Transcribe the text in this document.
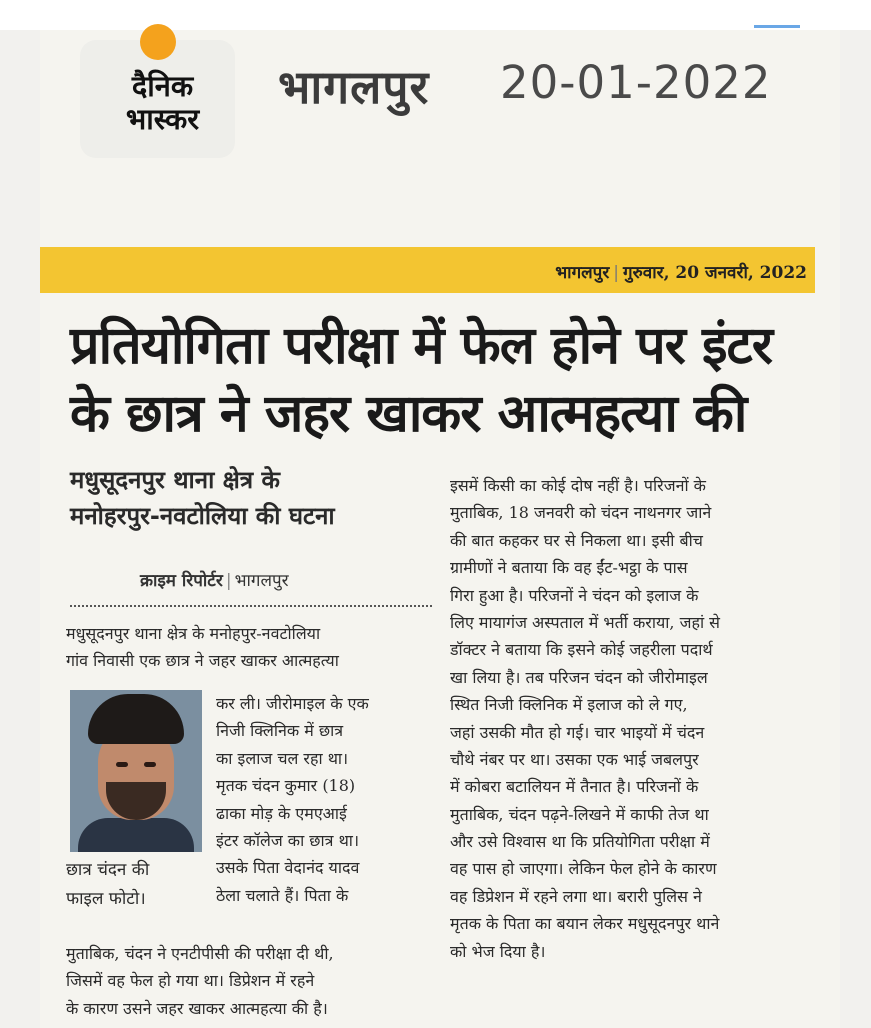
दैनिक
भास्कर
भागलपुर 20-01-2022
भागलपुर | गुरुवार, 20 जनवरी, 2022
प्रतियोगिता परीक्षा में फेल होने पर इंटर
के छात्र ने जहर खाकर आत्महत्या की
मधुसूदनपुर थाना क्षेत्र के
मनोहरपुर-नवटोलिया की घटना
क्राइम रिपोर्टर | भागलपुर
मधुसूदनपुर थाना क्षेत्र के मनोहपुर-नवटोलिया
गांव निवासी एक छात्र ने जहर खाकर आत्महत्या
कर ली। जीरोमाइल के एक
निजी क्लिनिक में छात्र
का इलाज चल रहा था।
मृतक चंदन कुमार (18)
ढाका मोड़ के एमएआई
इंटर कॉलेज का छात्र था।
उसके पिता वेदानंद यादव
ठेला चलाते हैं। पिता के
छात्र चंदन की
फाइल फोटो।
मुताबिक, चंदन ने एनटीपीसी की परीक्षा दी थी,
जिसमें वह फेल हो गया था। डिप्रेशन में रहने
के कारण उसने जहर खाकर आत्महत्या की है।
इसमें किसी का कोई दोष नहीं है। परिजनों के
मुताबिक, 18 जनवरी को चंदन नाथनगर जाने
की बात कहकर घर से निकला था। इसी बीच
ग्रामीणों ने बताया कि वह ईंट-भट्ठा के पास
गिरा हुआ है। परिजनों ने चंदन को इलाज के
लिए मायागंज अस्पताल में भर्ती कराया, जहां से
डॉक्टर ने बताया कि इसने कोई जहरीला पदार्थ
खा लिया है। तब परिजन चंदन को जीरोमाइल
स्थित निजी क्लिनिक में इलाज को ले गए,
जहां उसकी मौत हो गई। चार भाइयों में चंदन
चौथे नंबर पर था। उसका एक भाई जबलपुर
में कोबरा बटालियन में तैनात है। परिजनों के
मुताबिक, चंदन पढ़ने-लिखने में काफी तेज था
और उसे विश्वास था कि प्रतियोगिता परीक्षा में
वह पास हो जाएगा। लेकिन फेल होने के कारण
वह डिप्रेशन में रहने लगा था। बरारी पुलिस ने
मृतक के पिता का बयान लेकर मधुसूदनपुर थाने
को भेज दिया है।
